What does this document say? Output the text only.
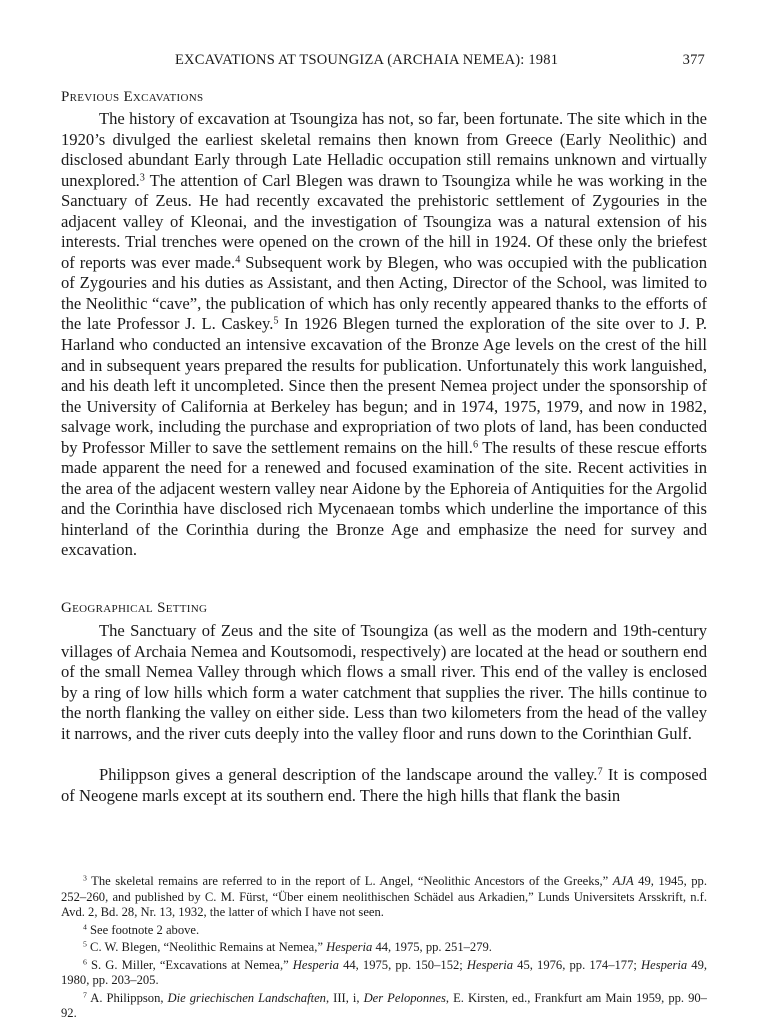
EXCAVATIONS AT TSOUNGIZA (ARCHAIA NEMEA): 1981	377
Previous Excavations

The history of excavation at Tsoungiza has not, so far, been fortunate. The site which in the 1920’s divulged the earliest skeletal remains then known from Greece (Early Neolithic) and disclosed abundant Early through Late Helladic occupation still remains unknown and virtually unexplored.$^3$ The attention of Carl Blegen was drawn to Tsoungiza while he was working in the Sanctuary of Zeus. He had recently excavated the prehistoric settlement of Zygouries in the adjacent valley of Kleonai, and the investigation of Tsoungiza was a natural extension of his interests. Trial trenches were opened on the crown of the hill in 1924. Of these only the briefest of reports was ever made.$^4$ Subsequent work by Blegen, who was occupied with the publication of Zygouries and his duties as Assistant, and then Acting, Director of the School, was limited to the Neolithic “cave”, the publication of which has only recently appeared thanks to the efforts of the late Professor J. L. Caskey.$^5$ In 1926 Blegen turned the exploration of the site over to J. P. Harland who conducted an intensive excavation of the Bronze Age levels on the crest of the hill and in subsequent years prepared the results for publication. Unfortunately this work languished, and his death left it uncompleted. Since then the present Nemea project under the sponsorship of the University of California at Berkeley has begun; and in 1974, 1975, 1979, and now in 1982, salvage work, including the purchase and expropriation of two plots of land, has been conducted by Professor Miller to save the settlement remains on the hill.$^6$ The results of these rescue efforts made apparent the need for a renewed and focused examination of the site. Recent activities in the area of the adjacent western valley near Aidone by the Ephoreia of Antiquities for the Argolid and the Corinthia have disclosed rich Mycenaean tombs which underline the importance of this hinterland of the Corinthia during the Bronze Age and emphasize the need for survey and excavation.

Geographical Setting

The Sanctuary of Zeus and the site of Tsoungiza (as well as the modern and 19th-century villages of Archaia Nemea and Koutsomodi, respectively) are located at the head or southern end of the small Nemea Valley through which flows a small river. This end of the valley is enclosed by a ring of low hills which form a water catchment that supplies the river. The hills continue to the north flanking the valley on either side. Less than two kilometers from the head of the valley it narrows, and the river cuts deeply into the valley floor and runs down to the Corinthian Gulf.

Philippson gives a general description of the landscape around the valley.$^7$ It is composed of Neogene marls except at its southern end. There the high hills that flank the basin

$^3$ The skeletal remains are referred to in the report of L. Angel, “Neolithic Ancestors of the Greeks,” AJA 49, 1945, pp. 252–260, and published by C. M. Fürst, “Über einem neolithischen Schädel aus Arkadien,” Lunds Universitets Arsskrift, n.f. Avd. 2, Bd. 28, Nr. 13, 1932, the latter of which I have not seen.

$^4$ See footnote 2 above.

$^5$ C. W. Blegen, “Neolithic Remains at Nemea,” Hesperia 44, 1975, pp. 251–279.

$^6$ S. G. Miller, “Excavations at Nemea,” Hesperia 44, 1975, pp. 150–152; Hesperia 45, 1976, pp. 174–177; Hesperia 49, 1980, pp. 203–205.

$^7$ A. Philippson, Die griechischen Landschaften, III, i, Der Peloponnes, E. Kirsten, ed., Frankfurt am Main 1959, pp. 90–92.
